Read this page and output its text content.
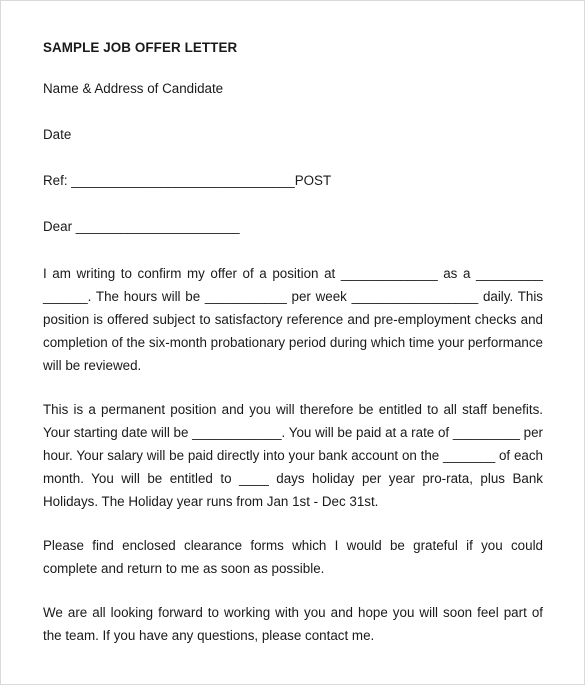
SAMPLE JOB OFFER LETTER
Name & Address of Candidate
Date
Ref: ______________________________POST
Dear ______________________

I am writing to confirm my offer of a position at _____________ as a _________ ______. The hours will be ___________ per week _________________ daily. This position is offered subject to satisfactory reference and pre-employment checks and completion of the six-month probationary period during which time your performance will be reviewed.

This is a permanent position and you will therefore be entitled to all staff benefits. Your starting date will be ____________. You will be paid at a rate of _________ per hour. Your salary will be paid directly into your bank account on the _______ of each month. You will be entitled to ____ days holiday per year pro-rata, plus Bank Holidays. The Holiday year runs from Jan 1st - Dec 31st.

Please find enclosed clearance forms which I would be grateful if you could complete and return to me as soon as possible.

We are all looking forward to working with you and hope you will soon feel part of the team. If you have any questions, please contact me.
